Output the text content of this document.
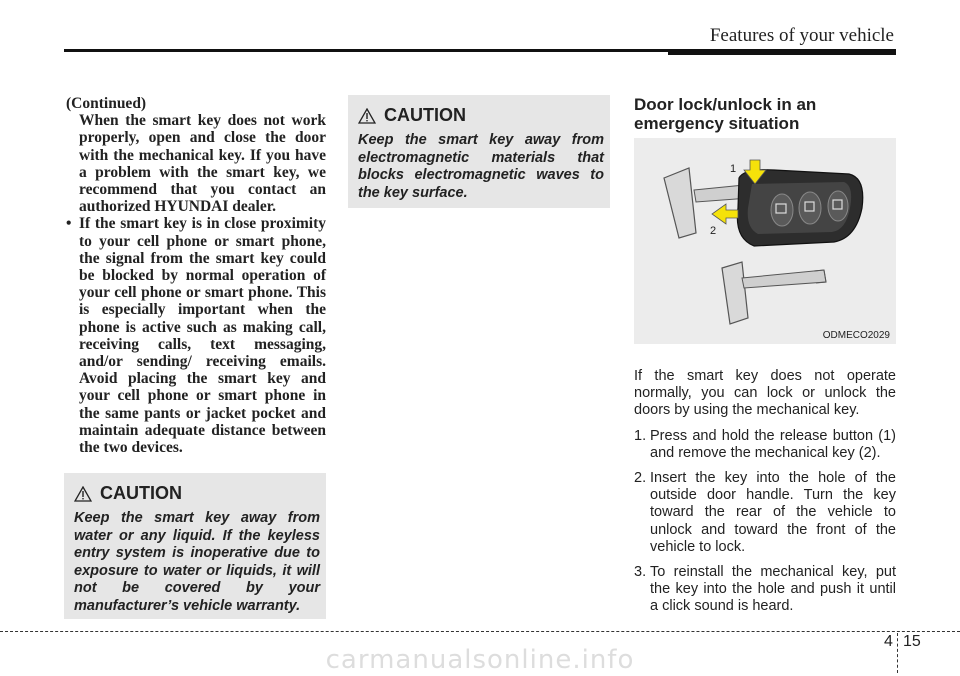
Features of your vehicle

(Continued)

When the smart key does not work properly, open and close the door with the mechanical key. If you have a problem with the smart key, we recommend that you contact an authorized HYUNDAI dealer.

• If the smart key is in close proximity to your cell phone or smart phone, the signal from the smart key could be blocked by normal operation of your cell phone or smart phone. This is especially important when the phone is active such as making call, receiving calls, text messaging, and/or sending/ receiving emails. Avoid placing the smart key and your cell phone or smart phone in the same pants or jacket pocket and maintain adequate distance between the two devices.

CAUTION
Keep the smart key away from water or any liquid. If the keyless entry system is inoperative due to exposure to water or liquids, it will not be covered by your manufacturer’s vehicle warranty.
CAUTION
Keep the smart key away from electromagnetic materials that blocks electromagnetic waves to the key surface.
Door lock/unlock in an emergency situation
1
2
ODMECO2029

If the smart key does not operate normally, you can lock or unlock the doors by using the mechanical key.

1. Press and hold the release button (1) and remove the mechanical key (2).
2. Insert the key into the hole of the outside door handle. Turn the key toward the rear of the vehicle to unlock and toward the front of the vehicle to lock.
3. To reinstall the mechanical key, put the key into the hole and push it until a click sound is heard.
4 15
carmanualsonline.info
